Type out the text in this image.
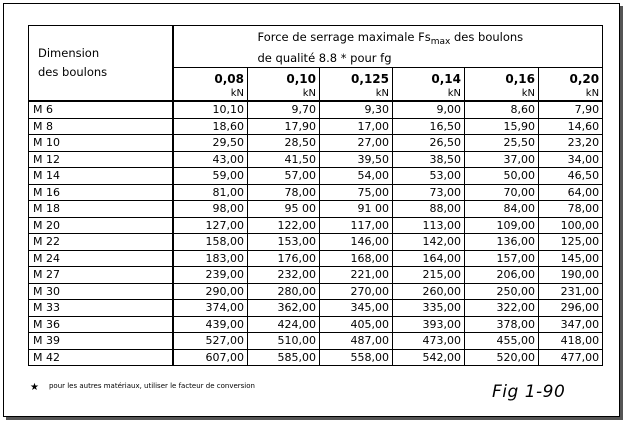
Dimension
des boulons	Force de serrage maximale $Fs_{max}$ des boulons
de qualité 8.8 * pour fg					
	0,08	0,10	0,125	0,14	0,16	0,20
	kN	kN	kN	kN	kN	kN
M 6	10,10	9,70	9,30	9,00	8,60	7,90
M 8	18,60	17,90	17,00	16,50	15,90	14,60
M 10	29,50	28,50	27,00	26,50	25,50	23,20
M 12	43,00	41,50	39,50	38,50	37,00	34,00
M 14	59,00	57,00	54,00	53,00	50,00	46,50
M 16	81,00	78,00	75,00	73,00	70,00	64,00
M 18	98,00	95 00	91 00	88,00	84,00	78,00
M 20	127,00	122,00	117,00	113,00	109,00	100,00
M 22	158,00	153,00	146,00	142,00	136,00	125,00
M 24	183,00	176,00	168,00	164,00	157,00	145,00
M 27	239,00	232,00	221,00	215,00	206,00	190,00
M 30	290,00	280,00	270,00	260,00	250,00	231,00
M 33	374,00	362,00	345,00	335,00	322,00	296,00
M 36	439,00	424,00	405,00	393,00	378,00	347,00
M 39	527,00	510,00	487,00	473,00	455,00	418,00
M 42	607,00	585,00	558,00	542,00	520,00	477,00
★ pour les autres matériaux, utiliser le facteur de conversion	Fig 1-90
